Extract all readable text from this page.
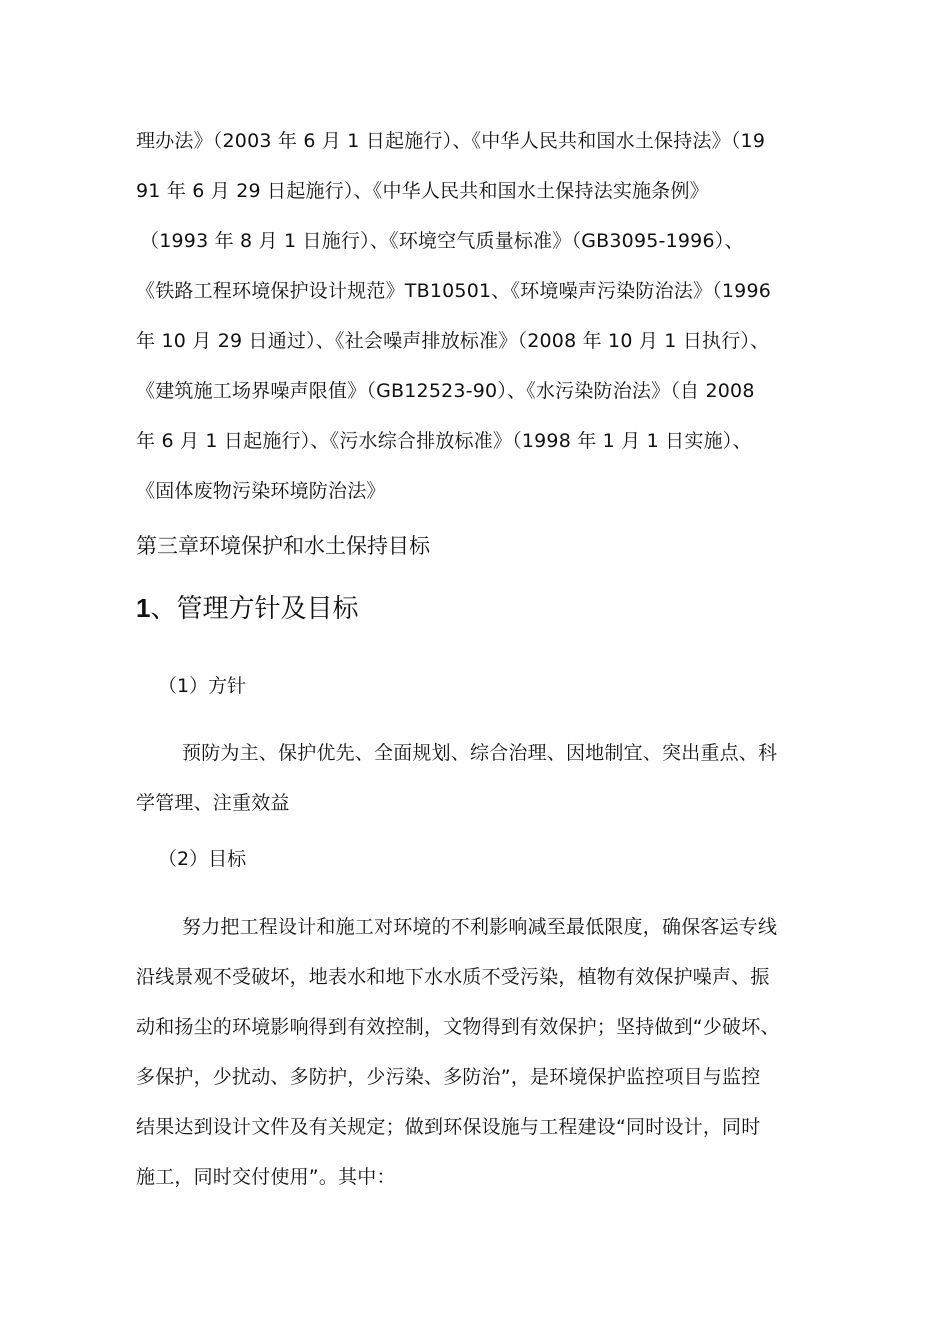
理办法》（2003 年 6 月 1 日起施行）、《中华人民共和国水土保持法》（19
91 年 6 月 29 日起施行）、《中华人民共和国水土保持法实施条例》
（1993 年 8 月 1 日施行）、《环境空气质量标准》（GB3095-1996）、
《铁路工程环境保护设计规范》TB10501、《环境噪声污染防治法》（1996
年 10 月 29 日通过）、《社会噪声排放标准》（2008 年 10 月 1 日执行）、
《建筑施工场界噪声限值》（GB12523-90）、《水污染防治法》（自 2008
年 6 月 1 日起施行）、《污水综合排放标准》（1998 年 1 月 1 日实施）、
《固体废物污染环境防治法》
第三章环境保护和水土保持目标
1、管理方针及目标
（1）方针
预防为主、保护优先、全面规划、综合治理、因地制宜、突出重点、科
学管理、注重效益
（2）目标
努力把工程设计和施工对环境的不利影响减至最低限度，确保客运专线
沿线景观不受破坏，地表水和地下水水质不受污染，植物有效保护噪声、振
动和扬尘的环境影响得到有效控制，文物得到有效保护；坚持做到“少破坏、
多保护，少扰动、多防护，少污染、多防治”，是环境保护监控项目与监控
结果达到设计文件及有关规定；做到环保设施与工程建设“同时设计，同时
施工，同时交付使用”。其中：
